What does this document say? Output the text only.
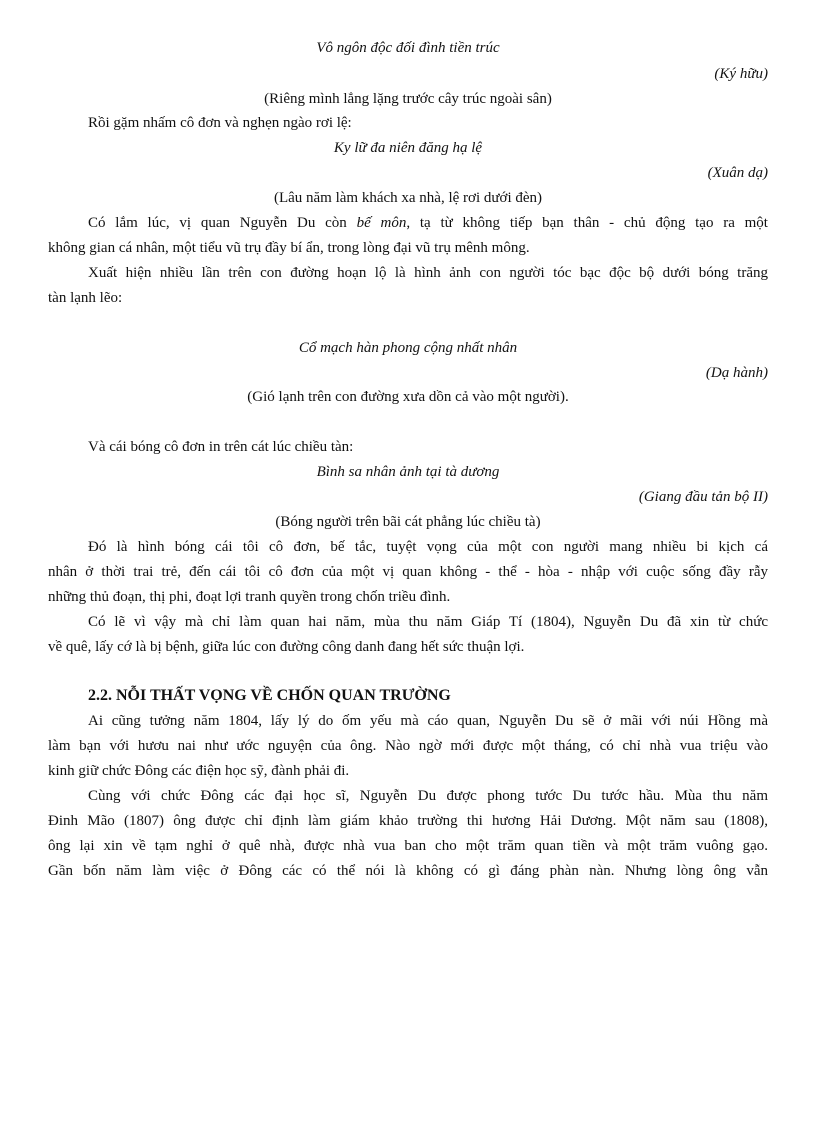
Vô ngôn độc đối đình tiền trúc
(Ký hữu)
(Riêng mình lẳng lặng trước cây trúc ngoài sân)
Rồi gặm nhấm cô đơn và nghẹn ngào rơi lệ:
Ky lữ đa niên đăng hạ lệ
(Xuân dạ)
(Lâu năm làm khách xa nhà, lệ rơi dưới đèn)
Có lắm lúc, vị quan Nguyễn Du còn bế môn, tạ từ không tiếp bạn thân - chủ động tạo ra một
không gian cá nhân, một tiểu vũ trụ đầy bí ẩn, trong lòng đại vũ trụ mênh mông.
Xuất hiện nhiều lần trên con đường hoạn lộ là hình ảnh con người tóc bạc độc bộ dưới bóng trăng
tàn lạnh lẽo:
Cổ mạch hàn phong cộng nhất nhân
(Dạ hành)
(Gió lạnh trên con đường xưa dồn cả vào một người).
Và cái bóng cô đơn in trên cát lúc chiều tàn:
Bình sa nhân ảnh tại tà dương
(Giang đầu tản bộ II)
(Bóng người trên bãi cát phẳng lúc chiều tà)
Đó là hình bóng cái tôi cô đơn, bế tắc, tuyệt vọng của một con người mang nhiều bi kịch cá
nhân ở thời trai trẻ, đến cái tôi cô đơn của một vị quan không - thể - hòa - nhập với cuộc sống đầy rẫy
những thủ đoạn, thị phi, đoạt lợi tranh quyền trong chốn triều đình.
Có lẽ vì vậy mà chỉ làm quan hai năm, mùa thu năm Giáp Tí (1804), Nguyễn Du đã xin từ chức
về quê, lấy cớ là bị bệnh, giữa lúc con đường công danh đang hết sức thuận lợi.
2.2. NỖI THẤT VỌNG VỀ CHỐN QUAN TRƯỜNG
Ai cũng tưởng năm 1804, lấy lý do ốm yếu mà cáo quan, Nguyễn Du sẽ ở mãi với núi Hồng mà
làm bạn với hươu nai như ước nguyện của ông. Nào ngờ mới được một tháng, có chỉ nhà vua triệu vào
kinh giữ chức Đông các điện học sỹ, đành phải đi.
Cùng với chức Đông các đại học sĩ, Nguyễn Du được phong tước Du tước hầu. Mùa thu năm
Đinh Mão (1807) ông được chỉ định làm giám khảo trường thi hương Hải Dương. Một năm sau (1808),
ông lại xin về tạm nghỉ ở quê nhà, được nhà vua ban cho một trăm quan tiền và một trăm vuông gạo.
Gần bốn năm làm việc ở Đông các có thể nói là không có gì đáng phàn nàn. Nhưng lòng ông vẫn
